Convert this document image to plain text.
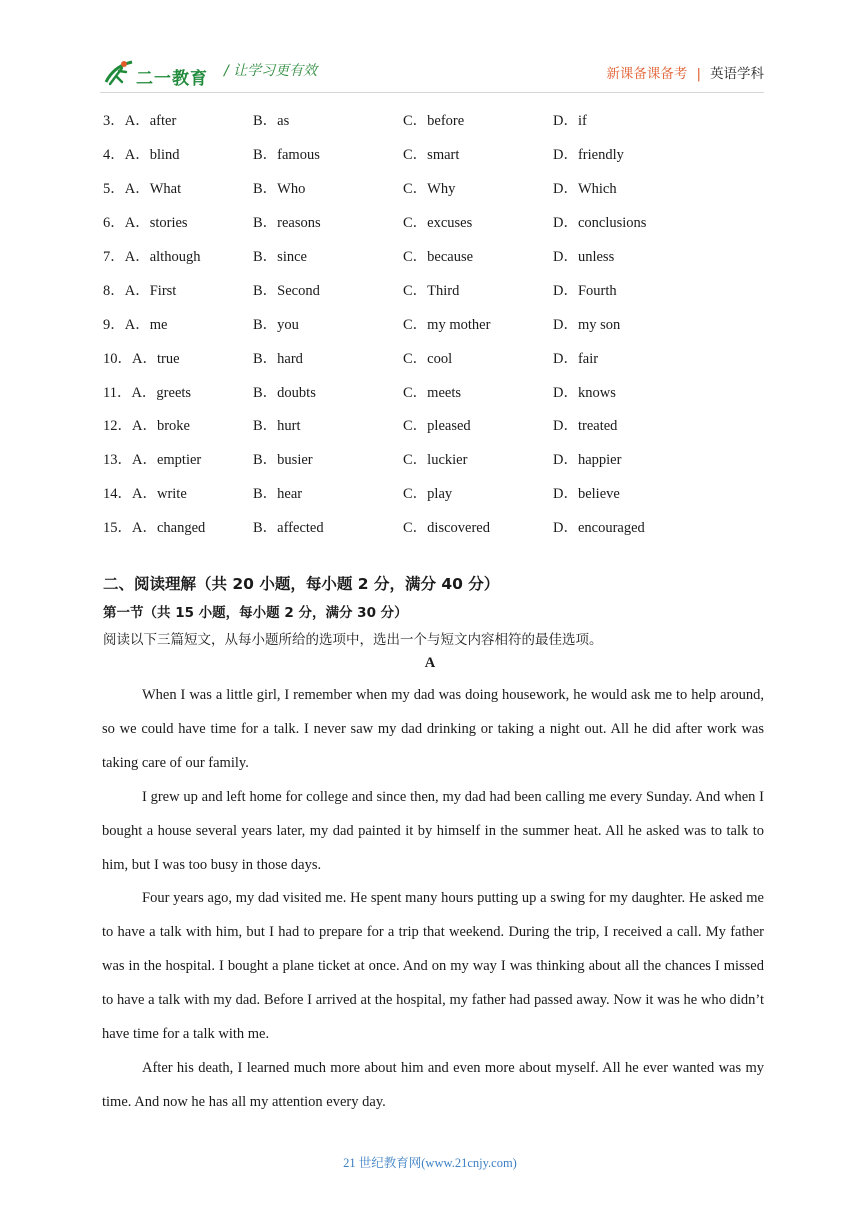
二一教育 / 让学习更有效	新课备课备考 | 英语学科
3．A．after	B．as	C．before	D．if
4．A．blind	B．famous	C．smart	D．friendly
5．A．What	B．Who	C．Why	D．Which
6．A．stories	B．reasons	C．excuses	D．conclusions
7．A．although	B．since	C．because	D．unless
8．A．First	B．Second	C．Third	D．Fourth
9．A．me	B．you	C．my mother	D．my son
10．A．true	B．hard	C．cool	D．fair
11．A．greets	B．doubts	C．meets	D．knows
12．A．broke	B．hurt	C．pleased	D．treated
13．A．emptier	B．busier	C．luckier	D．happier
14．A．write	B．hear	C．play	D．believe
15．A．changed	B．affected	C．discovered	D．encouraged
二、阅读理解（共 20 小题，每小题 2 分，满分 40 分）
第一节（共 15 小题，每小题 2 分，满分 30 分）
阅读以下三篇短文，从每小题所给的选项中，选出一个与短文内容相符的最佳选项。
A

When I was a little girl, I remember when my dad was doing housework, he would ask me to help around, so we could have time for a talk. I never saw my dad drinking or taking a night out. All he did after work was taking care of our family.

I grew up and left home for college and since then, my dad had been calling me every Sunday. And when I bought a house several years later, my dad painted it by himself in the summer heat. All he asked was to talk to him, but I was too busy in those days.

Four years ago, my dad visited me. He spent many hours putting up a swing for my daughter. He asked me to have a talk with him, but I had to prepare for a trip that weekend. During the trip, I received a call. My father was in the hospital. I bought a plane ticket at once. And on my way I was thinking about all the chances I missed to have a talk with my dad. Before I arrived at the hospital, my father had passed away. Now it was he who didn’t have time for a talk with me.

After his death, I learned much more about him and even more about myself. All he ever wanted was my time. And now he has all my attention every day.

21 世纪教育网(www.21cnjy.com)
